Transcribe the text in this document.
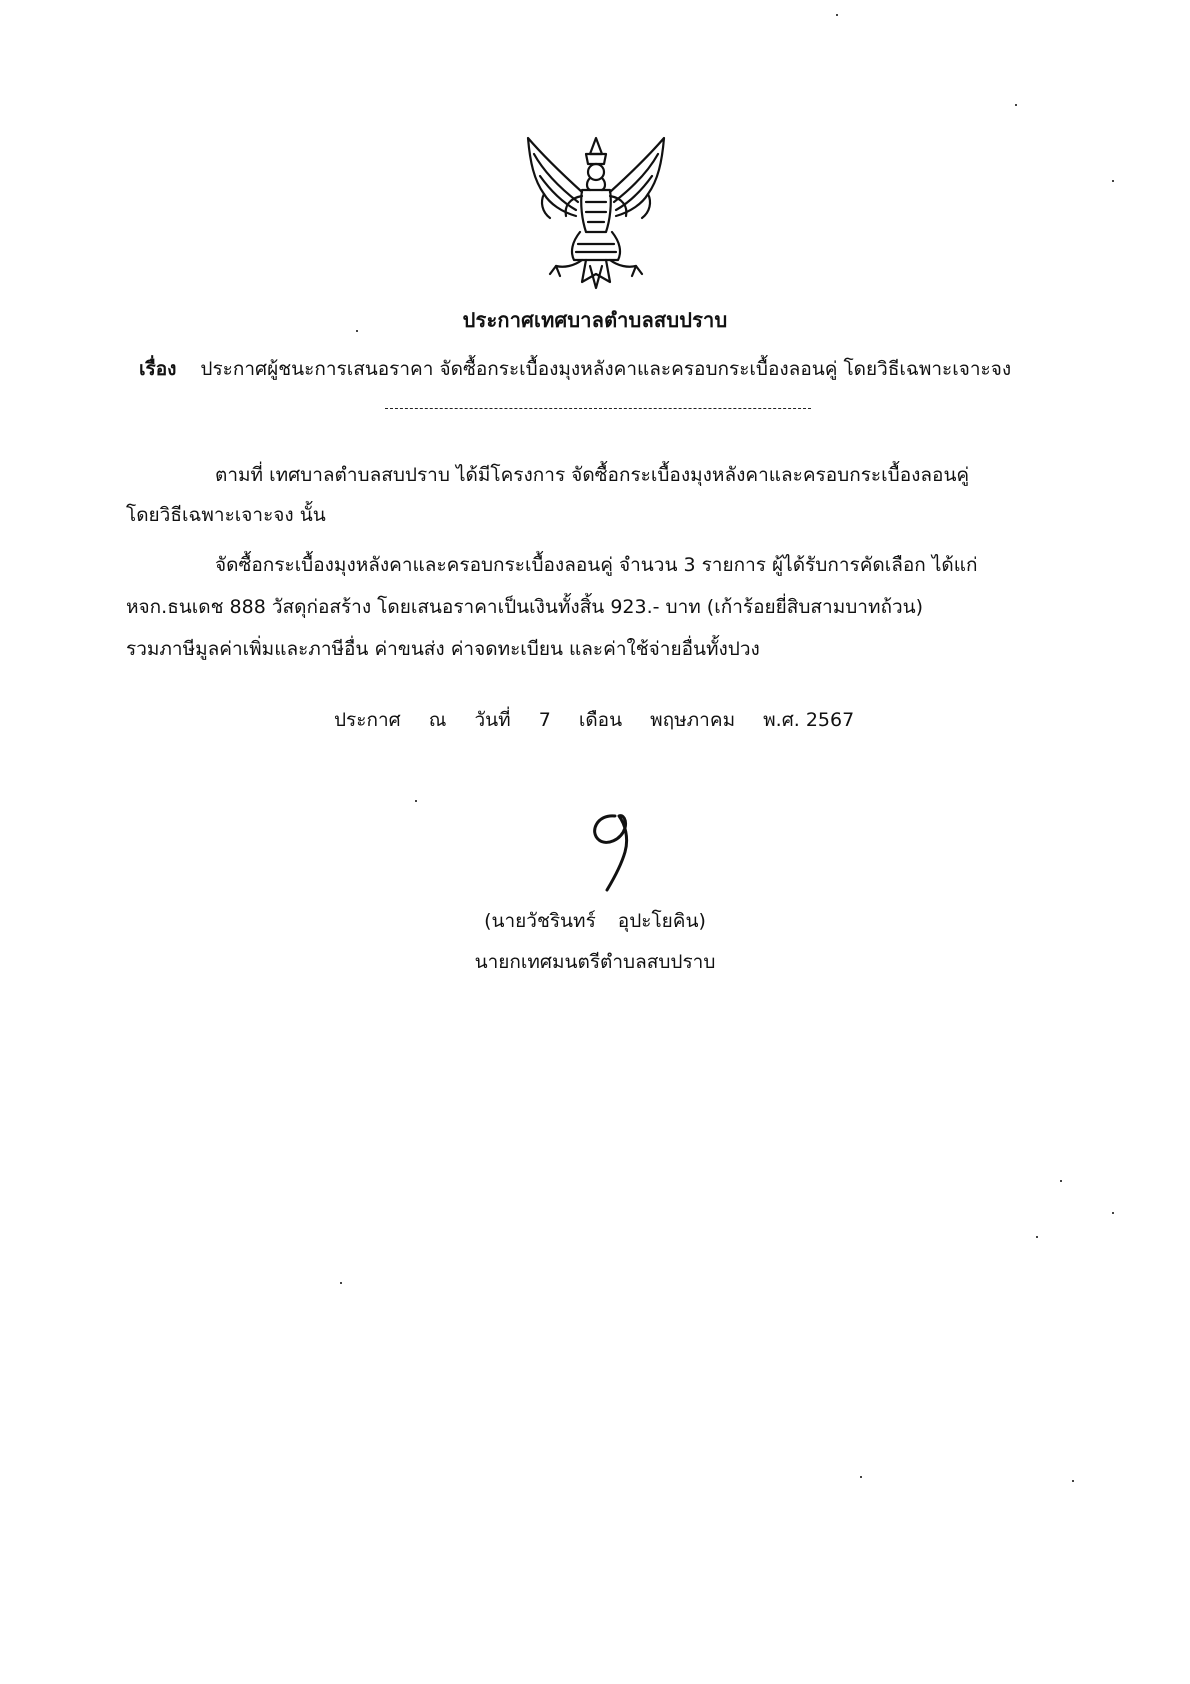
ประกาศเทศบาลตำบลสบปราบ
เรื่อง ประกาศผู้ชนะการเสนอราคา จัดซื้อกระเบื้องมุงหลังคาและครอบกระเบื้องลอนคู่ โดยวิธีเฉพาะเจาะจง
ตามที่ เทศบาลตำบลสบปราบ ได้มีโครงการ จัดซื้อกระเบื้องมุงหลังคาและครอบกระเบื้องลอนคู่
โดยวิธีเฉพาะเจาะจง นั้น
จัดซื้อกระเบื้องมุงหลังคาและครอบกระเบื้องลอนคู่ จำนวน 3 รายการ ผู้ได้รับการคัดเลือก ได้แก่
หจก.ธนเดช 888 วัสดุก่อสร้าง โดยเสนอราคาเป็นเงินทั้งสิ้น 923.- บาท (เก้าร้อยยี่สิบสามบาทถ้วน)
รวมภาษีมูลค่าเพิ่มและภาษีอื่น ค่าขนส่ง ค่าจดทะเบียน และค่าใช้จ่ายอื่นทั้งปวง
ประกาศ ณ วันที่ 7 เดือน พฤษภาคม พ.ศ. 2567
(นายวัชรินทร์ อุปะโยคิน)
นายกเทศมนตรีตำบลสบปราบ
